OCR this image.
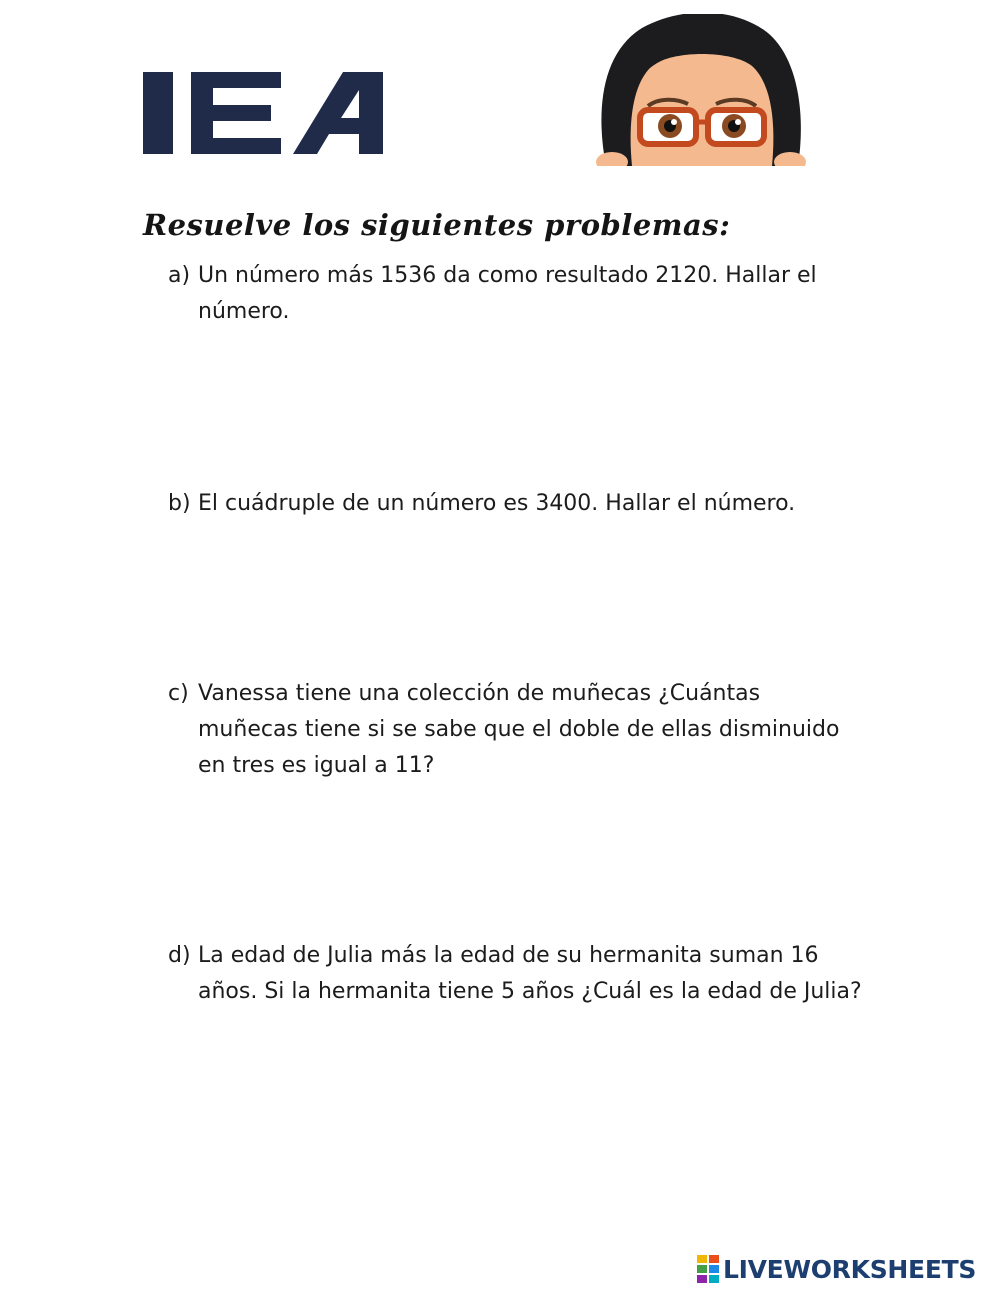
Resuelve los siguientes problemas:
a) Un número más 1536 da como resultado 2120. Hallar el número.
b) El cuádruple de un número es 3400. Hallar el número.
c) Vanessa tiene una colección de muñecas ¿Cuántas muñecas tiene si se sabe que el doble de ellas disminuido en tres es igual a 11?
d) La edad de Julia más la edad de su hermanita suman 16 años. Si la hermanita tiene 5 años ¿Cuál es la edad de Julia?
LIVEWORKSHEETS
